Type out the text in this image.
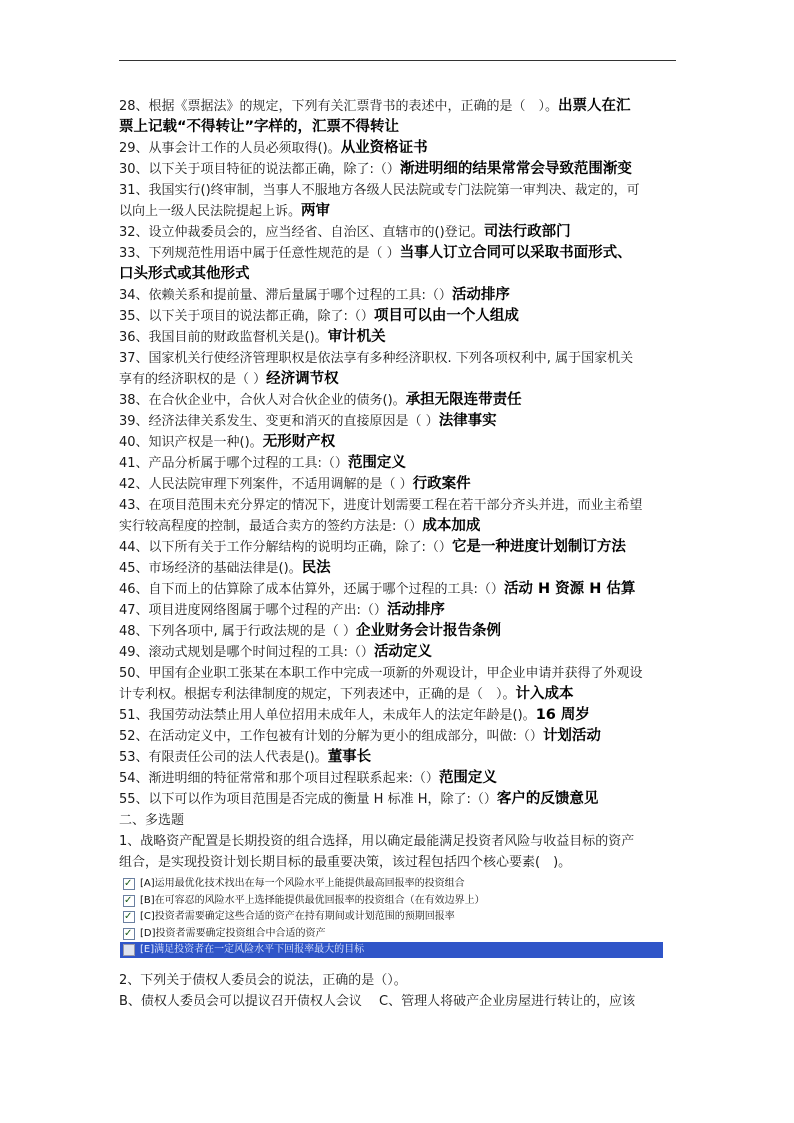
28、根据《票据法》的规定，下列有关汇票背书的表述中，正确的是（　）。出票人在汇
票上记载“不得转让”字样的，汇票不得转让
29、从事会计工作的人员必须取得()。从业资格证书
30、以下关于项目特征的说法都正确，除了:（）渐进明细的结果常常会导致范围渐变
31、我国实行()终审制，当事人不服地方各级人民法院或专门法院第一审判决、裁定的，可
以向上一级人民法院提起上诉。两审
32、设立仲裁委员会的，应当经省、自治区、直辖市的()登记。司法行政部门
33、下列规范性用语中属于任意性规范的是（ ）当事人订立合同可以采取书面形式、
口头形式或其他形式
34、依赖关系和提前量、滞后量属于哪个过程的工具:（）活动排序
35、以下关于项目的说法都正确，除了:（）项目可以由一个人组成
36、我国目前的财政监督机关是()。审计机关
37、国家机关行使经济管理职权是依法享有多种经济职权. 下列各项权利中, 属于国家机关
享有的经济职权的是（ ）经济调节权
38、在合伙企业中，合伙人对合伙企业的债务()。承担无限连带责任
39、经济法律关系发生、变更和消灭的直接原因是（ ）法律事实
40、知识产权是一种()。无形财产权
41、产品分析属于哪个过程的工具:（）范围定义
42、人民法院审理下列案件，不适用调解的是（ ）行政案件
43、在项目范围未充分界定的情况下，进度计划需要工程在若干部分齐头并进，而业主希望
实行较高程度的控制，最适合卖方的签约方法是:（）成本加成
44、以下所有关于工作分解结构的说明均正确，除了:（）它是一种进度计划制订方法
45、市场经济的基础法律是()。民法
46、自下而上的估算除了成本估算外，还属于哪个过程的工具:（）活动 H 资源 H 估算
47、项目进度网络图属于哪个过程的产出:（）活动排序
48、下列各项中, 属于行政法规的是（ ）企业财务会计报告条例
49、滚动式规划是哪个时间过程的工具:（）活动定义
50、甲国有企业职工张某在本职工作中完成一项新的外观设计，甲企业申请并获得了外观设
计专利权。根据专利法律制度的规定，下列表述中，正确的是（　）。计入成本
51、我国劳动法禁止用人单位招用未成年人，未成年人的法定年龄是()。16 周岁
52、在活动定义中，工作包被有计划的分解为更小的组成部分，叫做:（）计划活动
53、有限责任公司的法人代表是()。董事长
54、渐进明细的特征常常和那个项目过程联系起来:（）范围定义
55、以下可以作为项目范围是否完成的衡量 H 标准 H，除了:（）客户的反馈意见
二、多选题
1、战略资产配置是长期投资的组合选择，用以确定最能满足投资者风险与收益目标的资产
组合，是实现投资计划长期目标的最重要决策，该过程包括四个核心要素(　)。
✓
[A]运用最优化技术找出在每一个风险水平上能提供最高回报率的投资组合
✓
[B]在可容忍的风险水平上选择能提供最优回报率的投资组合（在有效边界上）
✓
[C]投资者需要确定这些合适的资产在持有期间或计划范围的预期回报率
✓
[D]投资者需要确定投资组合中合适的资产
[E]满足投资者在一定风险水平下回报率最大的目标
2、下列关于债权人委员会的说法，正确的是（）。
B、债权人委员会可以提议召开债权人会议　 C、管理人将破产企业房屋进行转让的，应该
